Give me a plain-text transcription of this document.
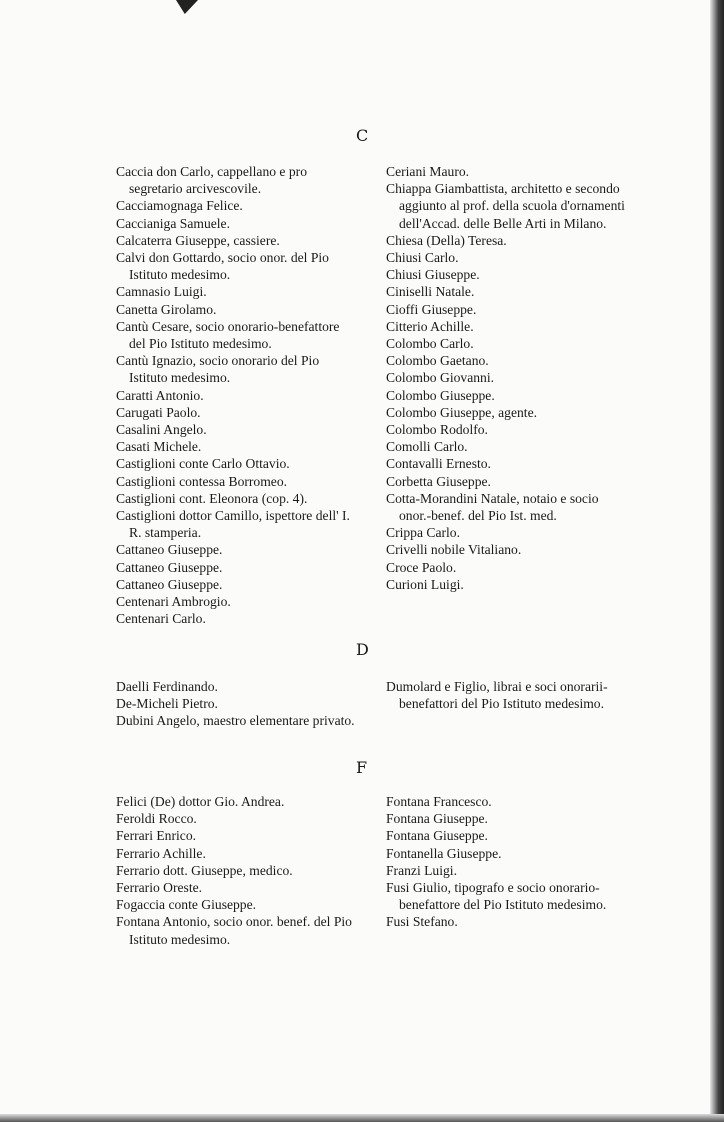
C

Caccia don Carlo, cappellano e pro segretario arcivescovile.

Cacciamognaga Felice.

Caccianiga Samuele.

Calcaterra Giuseppe, cassiere.

Calvi don Gottardo, socio onor. del Pio Istituto medesimo.

Camnasio Luigi.

Canetta Girolamo.

Cantù Cesare, socio onorario-benefattore del Pio Istituto medesimo.

Cantù Ignazio, socio onorario del Pio Istituto medesimo.

Caratti Antonio.

Carugati Paolo.

Casalini Angelo.

Casati Michele.

Castiglioni conte Carlo Ottavio.

Castiglioni contessa Borromeo.

Castiglioni cont. Eleonora (cop. 4).

Castiglioni dottor Camillo, ispettore dell' I. R. stamperia.

Cattaneo Giuseppe.

Cattaneo Giuseppe.

Cattaneo Giuseppe.

Centenari Ambrogio.

Centenari Carlo.

Ceriani Mauro.

Chiappa Giambattista, architetto e secondo aggiunto al prof. della scuola d'ornamenti dell'Accad. delle Belle Arti in Milano.

Chiesa (Della) Teresa.

Chiusi Carlo.

Chiusi Giuseppe.

Ciniselli Natale.

Cioffi Giuseppe.

Citterio Achille.

Colombo Carlo.

Colombo Gaetano.

Colombo Giovanni.

Colombo Giuseppe.

Colombo Giuseppe, agente.

Colombo Rodolfo.

Comolli Carlo.

Contavalli Ernesto.

Corbetta Giuseppe.

Cotta-Morandini Natale, notaio e socio onor.-benef. del Pio Ist. med.

Crippa Carlo.

Crivelli nobile Vitaliano.

Croce Paolo.

Curioni Luigi.

D

Daelli Ferdinando.

De-Micheli Pietro.

Dubini Angelo, maestro elementare privato.

Dumolard e Figlio, librai e soci onorarii-benefattori del Pio Istituto medesimo.

F

Felici (De) dottor Gio. Andrea.

Feroldi Rocco.

Ferrari Enrico.

Ferrario Achille.

Ferrario dott. Giuseppe, medico.

Ferrario Oreste.

Fogaccia conte Giuseppe.

Fontana Antonio, socio onor. benef. del Pio Istituto medesimo.

Fontana Francesco.

Fontana Giuseppe.

Fontana Giuseppe.

Fontanella Giuseppe.

Franzi Luigi.

Fusi Giulio, tipografo e socio onorario-benefattore del Pio Istituto medesimo.

Fusi Stefano.
